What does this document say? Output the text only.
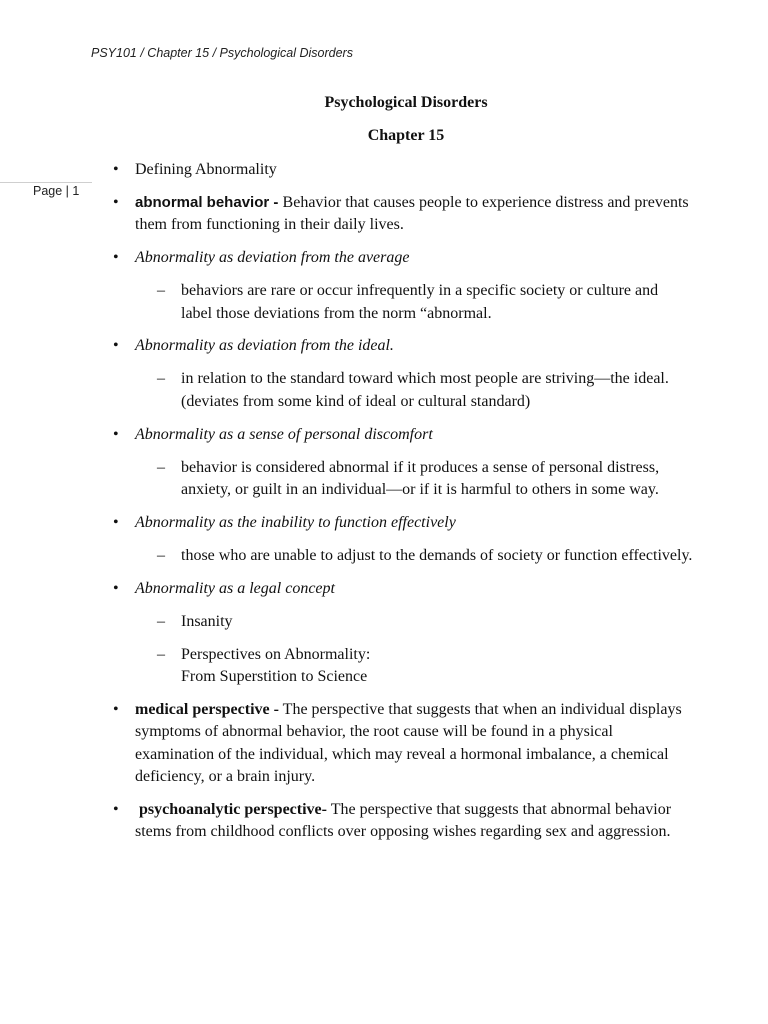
PSY101 / Chapter 15 / Psychological Disorders
Page | 1
Psychological Disorders
Chapter 15
• Defining Abnormality
• abnormal behavior - Behavior that causes people to experience distress and prevents them from functioning in their daily lives.
• Abnormality as deviation from the average
– behaviors are rare or occur infrequently in a specific society or culture and label those deviations from the norm “abnormal.
• Abnormality as deviation from the ideal.
– in relation to the standard toward which most people are striving—the ideal. (deviates from some kind of ideal or cultural standard)
• Abnormality as a sense of personal discomfort
– behavior is considered abnormal if it produces a sense of personal distress, anxiety, or guilt in an individual—or if it is harmful to others in some way.
• Abnormality as the inability to function effectively
– those who are unable to adjust to the demands of society or function effectively.
• Abnormality as a legal concept
– Insanity
– Perspectives on Abnormality:
From Superstition to Science
• medical perspective - The perspective that suggests that when an individual displays symptoms of abnormal behavior, the root cause will be found in a physical examination of the individual, which may reveal a hormonal imbalance, a chemical deficiency, or a brain injury.
• psychoanalytic perspective- The perspective that suggests that abnormal behavior stems from childhood conflicts over opposing wishes regarding sex and aggression.
